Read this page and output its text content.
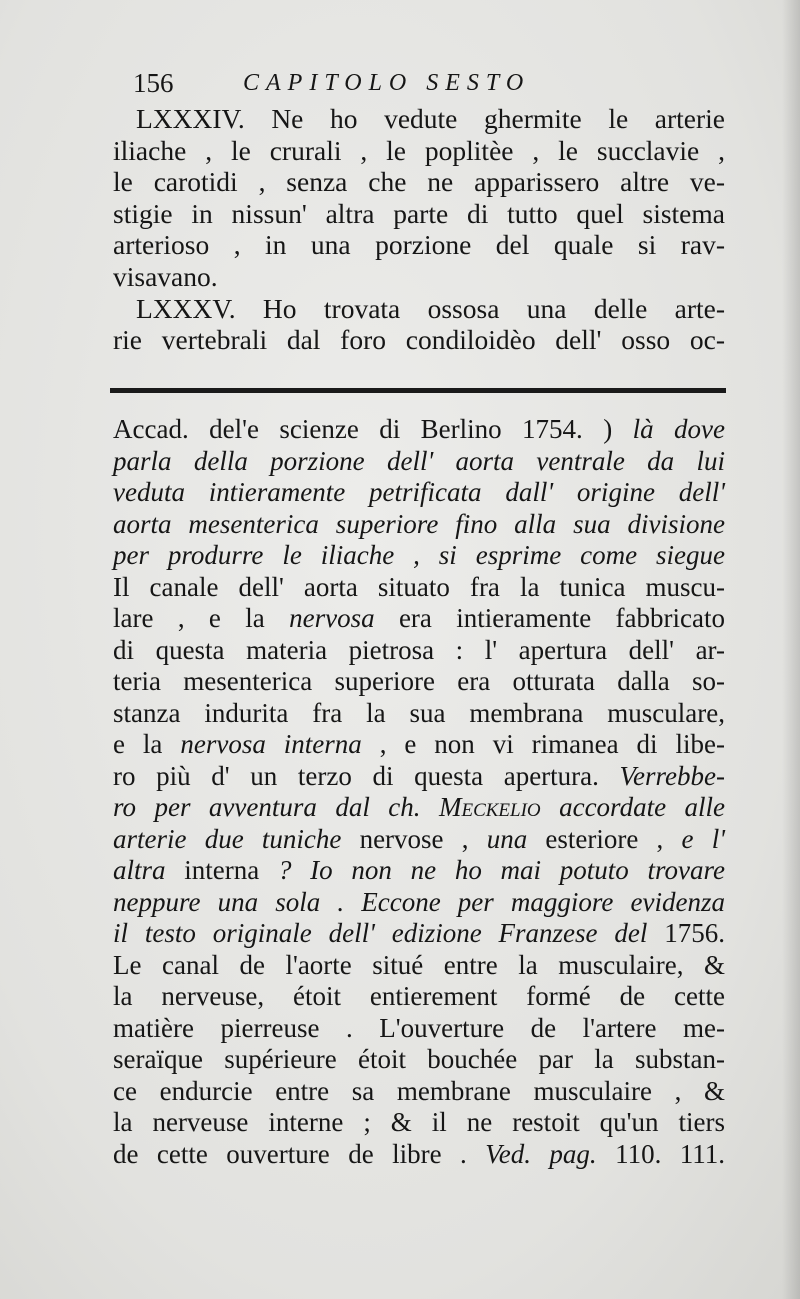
156	CAPITOLO SESTO
LXXXIV. Ne ho vedute ghermite le arterie
iliache , le crurali , le poplitèe , le succlavie ,
le carotidi , senza che ne apparissero altre ve-
stigie in nissun' altra parte di tutto quel sistema
arterioso , in una porzione del quale si rav-
visavano.
LXXXV. Ho trovata ossosa una delle arte-
rie vertebrali dal foro condiloidèo dell' osso oc-
Accad. del'e scienze di Berlino 1754. ) là dove
parla della porzione dell' aorta ventrale da lui
veduta intieramente petrificata dall' origine dell'
aorta mesenterica superiore fino alla sua divisione
per produrre le iliache , si esprime come siegue
Il canale dell' aorta situato fra la tunica muscu-
lare , e la nervosa era intieramente fabbricato
di questa materia pietrosa : l' apertura dell' ar-
teria mesenterica superiore era otturata dalla so-
stanza indurita fra la sua membrana musculare,
e la nervosa interna , e non vi rimanea di libe-
ro più d' un terzo di questa apertura. Verrebbe-
ro per avventura dal ch. Meckelio accordate alle
arterie due tuniche nervose , una esteriore , e l'
altra interna ? Io non ne ho mai potuto trovare
neppure una sola . Eccone per maggiore evidenza
il testo originale dell' edizione Franzese del 1756.
Le canal de l'aorte situé entre la musculaire, &
la nerveuse, étoit entierement formé de cette
matière pierreuse . L'ouverture de l'artere me-
seraïque supérieure étoit bouchée par la substan-
ce endurcie entre sa membrane musculaire , &
la nerveuse interne ; & il ne restoit qu'un tiers
de cette ouverture de libre . Ved. pag. 110. 111.
